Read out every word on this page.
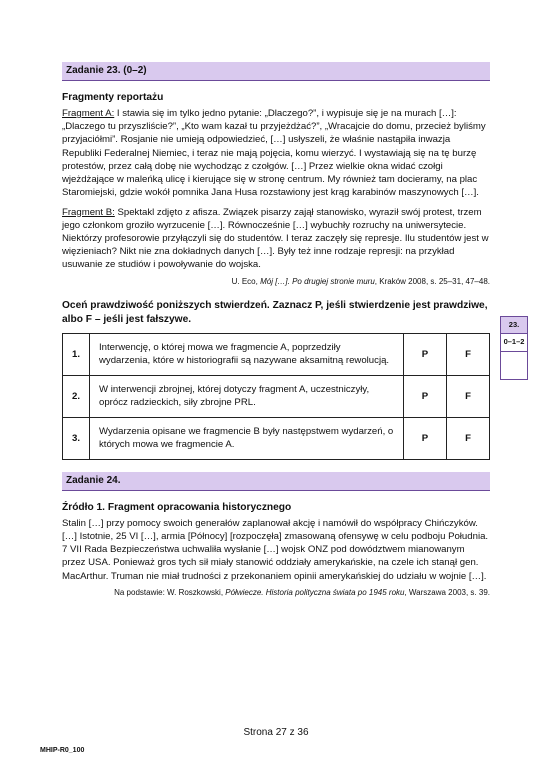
Zadanie 23. (0–2)
Fragmenty reportażu

Fragment A: I stawia się im tylko jedno pytanie: „Dlaczego?”, i wypisuje się je na murach […]: „Dlaczego tu przyszliście?”, „Kto wam kazał tu przyjeżdżać?”, „Wracajcie do domu, przecież byliśmy przyjaciółmi”. Rosjanie nie umieją odpowiedzieć, […] usłyszeli, że właśnie nastąpiła inwazja Republiki Federalnej Niemiec, i teraz nie mają pojęcia, komu wierzyć. I wystawiają się na tę burzę protestów, przez całą dobę nie wychodząc z czołgów. […] Przez wielkie okna widać czołgi wjeżdżające w maleńką ulicę i kierujące się w stronę centrum. My również tam docieramy, na plac Staromiejski, gdzie wokół pomnika Jana Husa rozstawiony jest krąg karabinów maszynowych […].

Fragment B: Spektakl zdjęto z afisza. Związek pisarzy zajął stanowisko, wyraził swój protest, trzem jego członkom groziło wyrzucenie […]. Równocześnie […] wybuchły rozruchy na uniwersytecie. Niektórzy profesorowie przyłączyli się do studentów. I teraz zaczęły się represje. Ilu studentów jest w więzieniach? Nikt nie zna dokładnych danych […]. Były też inne rodzaje represji: na przykład usuwanie ze studiów i powoływanie do wojska.

U. Eco, Mój […]. Po drugiej stronie muru, Kraków 2008, s. 25–31, 47–48.
Oceń prawdziwość poniższych stwierdzeń. Zaznacz P, jeśli stwierdzenie jest prawdziwe, albo F – jeśli jest fałszywe.
1.	Interwencję, o której mowa we fragmencie A, poprzedziły wydarzenia, które w historiografii są nazywane aksamitną rewolucją.	P	F
2.	W interwencji zbrojnej, której dotyczy fragment A, uczestniczyły, oprócz radzieckich, siły zbrojne PRL.	P	F
3.	Wydarzenia opisane we fragmencie B były następstwem wydarzeń, o których mowa we fragmencie A.	P	F
Zadanie 24.
Źródło 1. Fragment opracowania historycznego

Stalin […] przy pomocy swoich generałów zaplanował akcję i namówił do współpracy Chińczyków. […] Istotnie, 25 VI […], armia [Północy] [rozpoczęła] zmasowaną ofensywę w celu podboju Południa. 7 VII Rada Bezpieczeństwa uchwaliła wysłanie […] wojsk ONZ pod dowództwem mianowanym przez USA. Ponieważ gros tych sił miały stanowić oddziały amerykańskie, na czele ich stanął gen. MacArthur. Truman nie miał trudności z przekonaniem opinii amerykańskiej do udziału w wojnie […].

Na podstawie: W. Roszkowski, Półwiecze. Historia polityczna świata po 1945 roku, Warszawa 2003, s. 39.
23.
0–1–2
Strona 27 z 36
MHIP-R0_100
